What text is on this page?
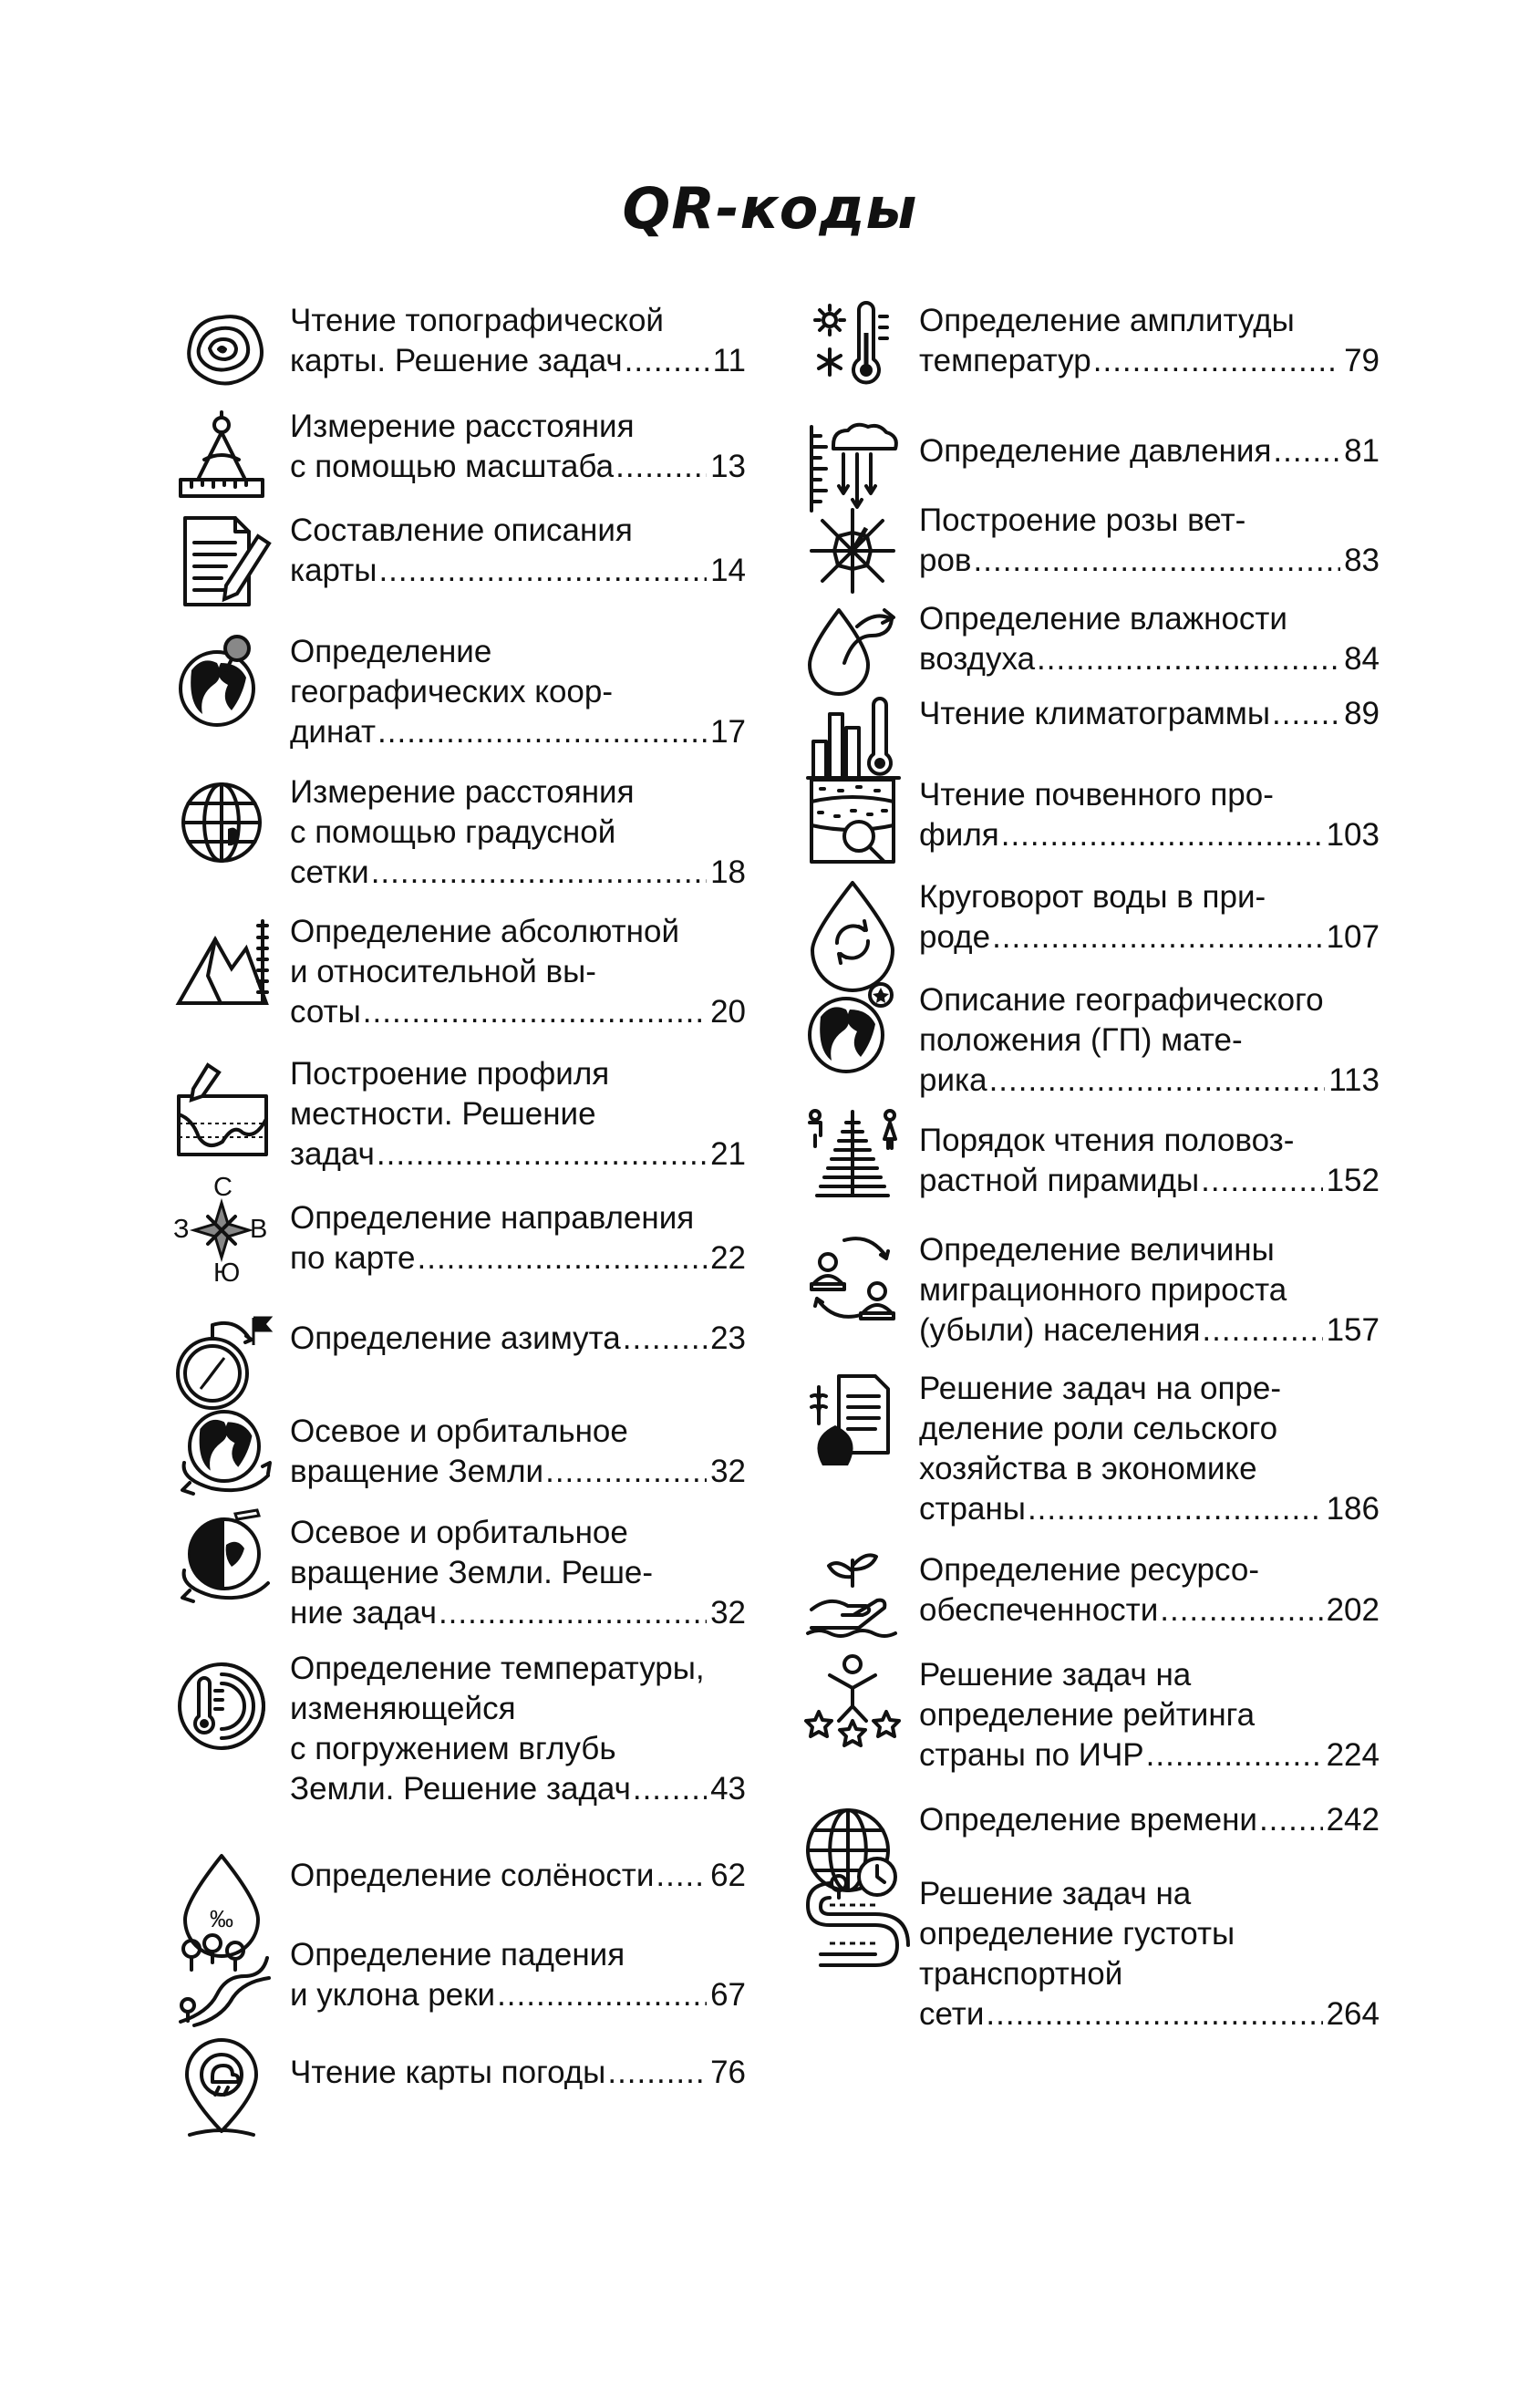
QR-коды
Чтение топографической
карты. Решение задач .....	11
Измерение расстояния
с помощью масштаба .....	13
Составление описания
карты .....	14
Определение
географических коор-
динат .....	17
Измерение расстояния
с помощью градусной
сетки .....	18
Определение абсолютной
и относительной вы-
соты .....	20
Построение профиля
местности. Решение
задач .....	21
С
З В
Ю
Определение направления
по карте .....	22
Определение азимута .....	23
Осевое и орбитальное
вращение Земли .....	32
Осевое и орбитальное
вращение Земли. Реше-
ние задач .....	32
Определение температуры,
изменяющейся
с погружением вглубь
Земли. Решение задач ..... 43
‰
Определение солёности ..... 62
Определение падения
и уклона реки .....	67
Чтение карты погоды .....	76
Определение амплитуды
температур .....	79
Определение давления ..... 81
Построение розы вет-
ров .....	83
Определение влажности
воздуха .....	84
Чтение климатограммы ..... 89
Чтение почвенного про-
филя .....	103
Круговорот воды в при-
роде .....	107
Описание географического
положения (ГП) мате-
рика .....	113
Порядок чтения половоз-
растной пирамиды .....	152
Определение величины
миграционного прироста
(убыли) населения .....	157
Решение задач на опре-
деление роли сельского
хозяйства в экономике
страны .....	186
Определение ресурсо-
обеспеченности .....	202
Решение задач на
определение рейтинга
страны по ИЧР .....	224
Определение времени ..... 242
Решение задач на
определение густоты
транспортной
сети .....	264
